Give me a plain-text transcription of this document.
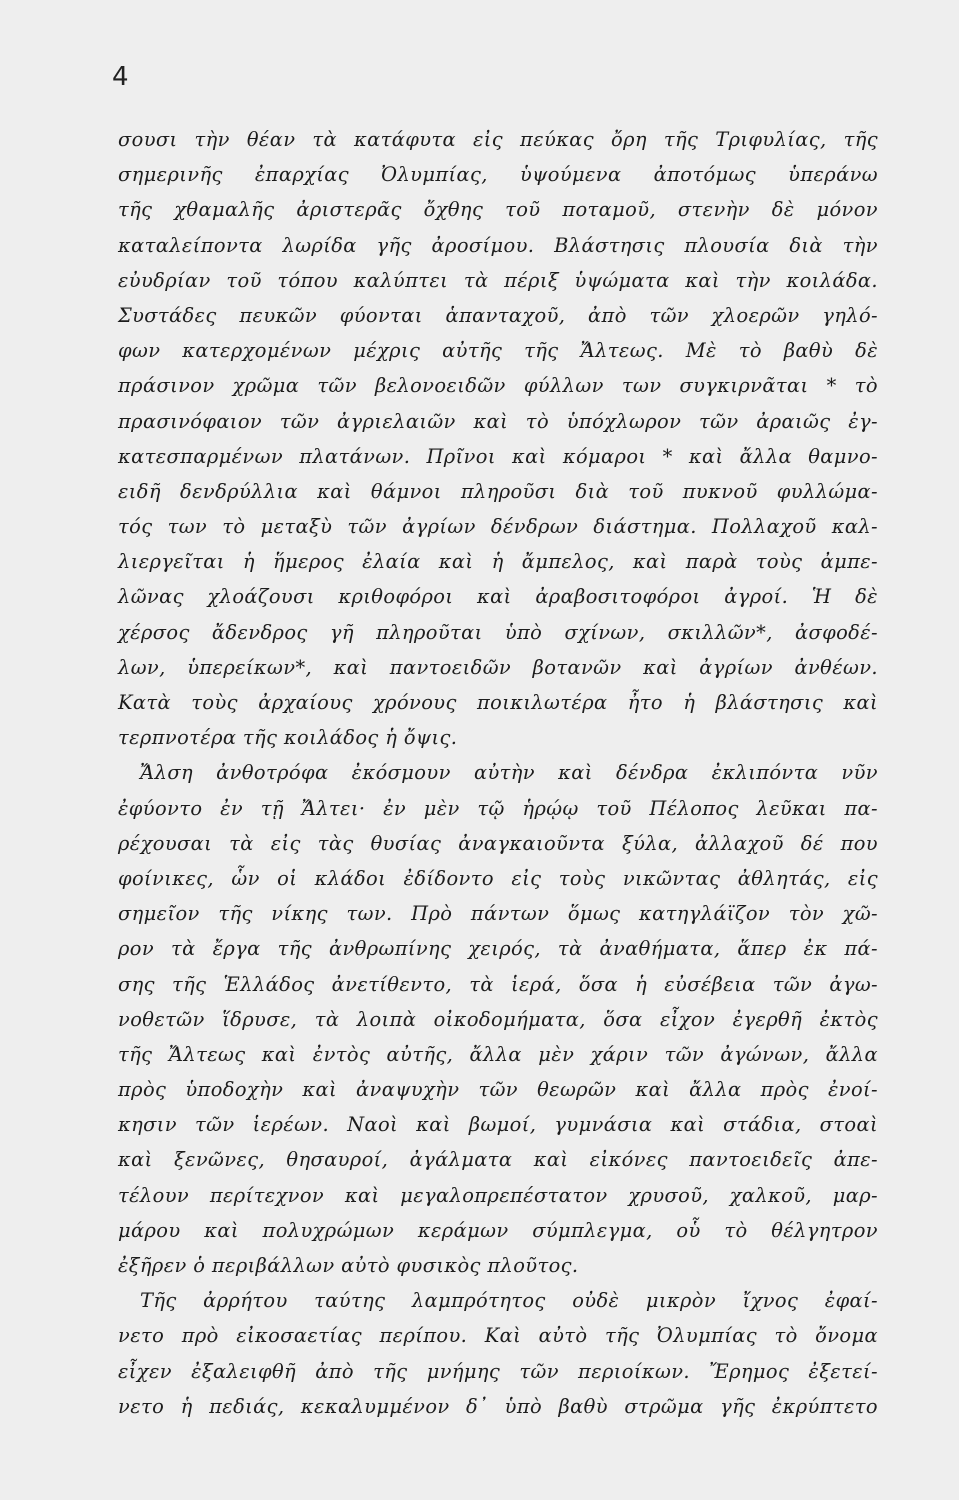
4
σουσι τὴν θέαν τὰ κατάφυτα εἰς πεύκας ὄρη τῆς Τριφυλίας, τῆς
σημερινῆς ἐπαρχίας Ὀλυμπίας, ὑψούμενα ἀποτόμως ὑπεράνω
τῆς χθαμαλῆς ἀριστερᾶς ὄχθης τοῦ ποταμοῦ, στενὴν δὲ μόνον
καταλείποντα λωρίδα γῆς ἀροσίμου. Βλάστησις πλουσία διὰ τὴν
εὐυδρίαν τοῦ τόπου καλύπτει τὰ πέριξ ὑψώματα καὶ τὴν κοιλάδα.
Συστάδες πευκῶν φύονται ἁπανταχοῦ, ἀπὸ τῶν χλοερῶν γηλό-
φων κατερχομένων μέχρις αὐτῆς τῆς Ἄλτεως. Μὲ τὸ βαθὺ δὲ
πράσινον χρῶμα τῶν βελονοειδῶν φύλλων των συγκιρνᾶται * τὸ
πρασινόφαιον τῶν ἀγριελαιῶν καὶ τὸ ὑπόχλωρον τῶν ἀραιῶς ἐγ-
κατεσπαρμένων πλατάνων. Πρῖνοι καὶ κόμαροι * καὶ ἄλλα θαμνο-
ειδῆ δενδρύλλια καὶ θάμνοι πληροῦσι διὰ τοῦ πυκνοῦ φυλλώμα-
τός των τὸ μεταξὺ τῶν ἀγρίων δένδρων διάστημα. Πολλαχοῦ καλ-
λιεργεῖται ἡ ἥμερος ἐλαία καὶ ἡ ἄμπελος, καὶ παρὰ τοὺς ἀμπε-
λῶνας χλοάζουσι κριθοφόροι καὶ ἀραβοσιτοφόροι ἀγροί. Ἡ δὲ
χέρσος ἄδενδρος γῆ πληροῦται ὑπὸ σχίνων, σκιλλῶν*, ἀσφοδέ-
λων, ὑπερείκων*, καὶ παντοειδῶν βοτανῶν καὶ ἀγρίων ἀνθέων.
Κατὰ τοὺς ἀρχαίους χρόνους ποικιλωτέρα ἦτο ἡ βλάστησις καὶ
τερπνοτέρα τῆς κοιλάδος ἡ ὄψις.
Ἄλση ἀνθοτρόφα ἐκόσμουν αὐτὴν καὶ δένδρα ἐκλιπόντα νῦν
ἐφύοντο ἐν τῇ Ἄλτει· ἐν μὲν τῷ ἡρῴῳ τοῦ Πέλοπος λεῦκαι πα-
ρέχουσαι τὰ εἰς τὰς θυσίας ἀναγκαιοῦντα ξύλα, ἀλλαχοῦ δέ που
φοίνικες, ὧν οἱ κλάδοι ἐδίδοντο εἰς τοὺς νικῶντας ἀθλητάς, εἰς
σημεῖον τῆς νίκης των. Πρὸ πάντων ὅμως κατηγλάϊζον τὸν χῶ-
ρον τὰ ἔργα τῆς ἀνθρωπίνης χειρός, τὰ ἀναθήματα, ἅπερ ἐκ πά-
σης τῆς Ἑλλάδος ἀνετίθεντο, τὰ ἱερά, ὅσα ἡ εὐσέβεια τῶν ἀγω-
νοθετῶν ἵδρυσε, τὰ λοιπὰ οἰκοδομήματα, ὅσα εἶχον ἐγερθῆ ἐκτὸς
τῆς Ἄλτεως καὶ ἐντὸς αὐτῆς, ἄλλα μὲν χάριν τῶν ἀγώνων, ἄλλα
πρὸς ὑποδοχὴν καὶ ἀναψυχὴν τῶν θεωρῶν καὶ ἄλλα πρὸς ἐνοί-
κησιν τῶν ἱερέων. Ναοὶ καὶ βωμοί, γυμνάσια καὶ στάδια, στοαὶ
καὶ ξενῶνες, θησαυροί, ἀγάλματα καὶ εἰκόνες παντοειδεῖς ἀπε-
τέλουν περίτεχνον καὶ μεγαλοπρεπέστατον χρυσοῦ, χαλκοῦ, μαρ-
μάρου καὶ πολυχρώμων κεράμων σύμπλεγμα, οὗ τὸ θέλγητρον
ἐξῆρεν ὁ περιβάλλων αὐτὸ φυσικὸς πλοῦτος.
Τῆς ἀρρήτου ταύτης λαμπρότητος οὐδὲ μικρὸν ἴχνος ἐφαί-
νετο πρὸ εἰκοσαετίας περίπου. Καὶ αὐτὸ τῆς Ὀλυμπίας τὸ ὄνομα
εἶχεν ἐξαλειφθῆ ἀπὸ τῆς μνήμης τῶν περιοίκων. Ἔρημος ἐξετεί-
νετο ἡ πεδιάς, κεκαλυμμένον δ᾽ ὑπὸ βαθὺ στρῶμα γῆς ἐκρύπτετο
